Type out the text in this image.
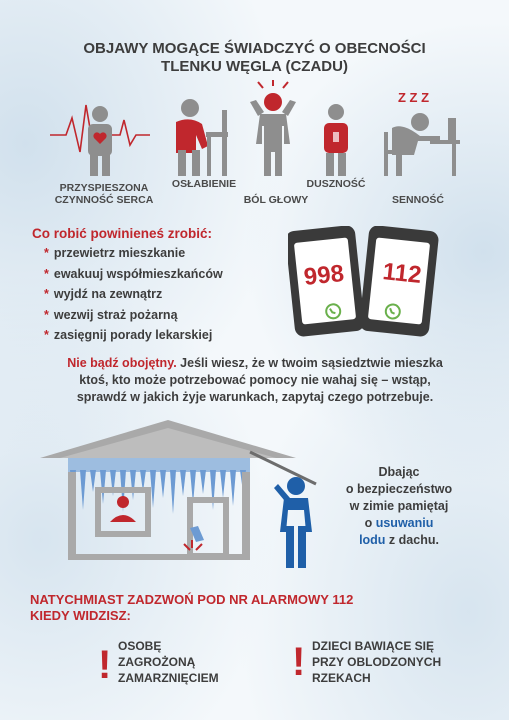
OBJAWY MOGĄCE ŚWIADCZYĆ O OBECNOŚCI
TLENKU WĘGLA (CZADU)
Z Z Z
PRZYSPIESZONA
CZYNNOŚĆ SERCA
OSŁABIENIE
BÓL GŁOWY
DUSZNOŚĆ
SENNOŚĆ
Co robić powinieneś zrobić:
* przewietrz mieszkanie
* ewakuuj współmieszkańców
* wyjdź na zewnątrz
* wezwij straż pożarną
* zasięgnij porady lekarskiej
998	112
Nie bądź obojętny. Jeśli wiesz, że w twoim sąsiedztwie mieszka
ktoś, kto może potrzebować pomocy nie wahaj się – wstąp,
sprawdź w jakich żyje warunkach, zapytaj czego potrzebuje.
Dbając
o bezpieczeństwo
w zimie pamiętaj
o usuwaniu
lodu z dachu.
NATYCHMIAST ZADZWOŃ POD NR ALARMOWY 112
KIEDY WIDZISZ:
! OSOBĘ
ZAGROŻONĄ
ZAMARZNIĘCIEM ! DZIECI BAWIĄCE SIĘ
PRZY OBLODZONYCH
RZEKACH
